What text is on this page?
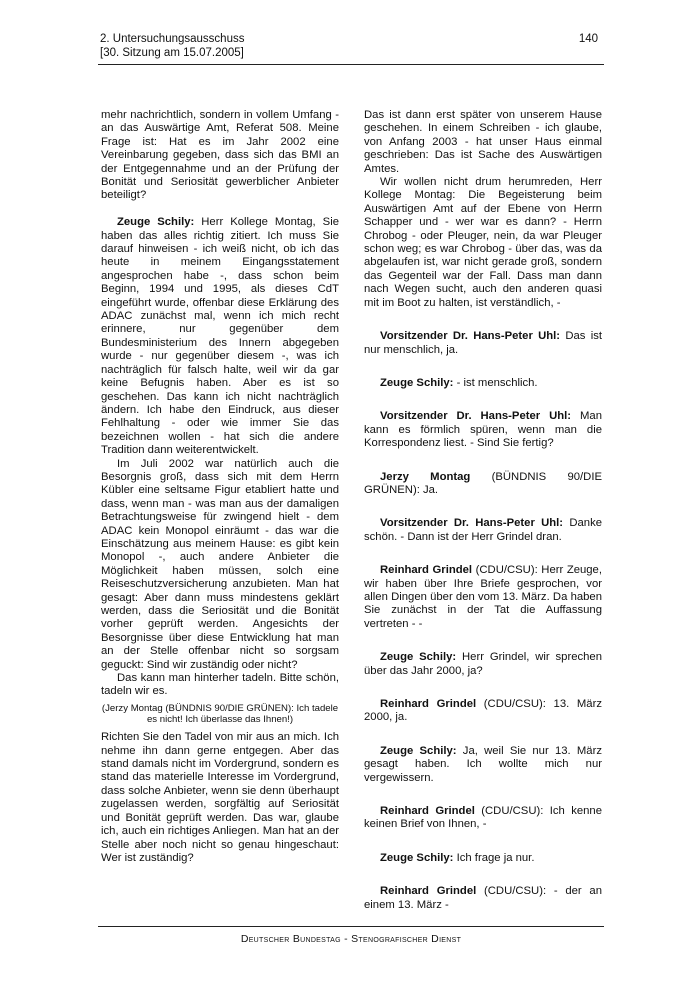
2. Untersuchungsausschuss
[30. Sitzung am 15.07.2005]
140

mehr nachrichtlich, sondern in vollem Umfang - an das Auswärtige Amt, Referat 508. Meine Frage ist: Hat es im Jahr 2002 eine Vereinbarung gegeben, dass sich das BMI an der Entgegennahme und an der Prüfung der Bonität und Seriosität gewerblicher Anbieter beteiligt?

Zeuge Schily: Herr Kollege Montag, Sie haben das alles richtig zitiert. Ich muss Sie darauf hinweisen - ich weiß nicht, ob ich das heute in meinem Eingangsstatement angesprochen habe -, dass schon beim Beginn, 1994 und 1995, als dieses CdT eingeführt wurde, offenbar diese Erklärung des ADAC zunächst mal, wenn ich mich recht erinnere, nur gegenüber dem Bundesministerium des Innern abgegeben wurde - nur gegenüber diesem -, was ich nachträglich für falsch halte, weil wir da gar keine Befugnis haben. Aber es ist so geschehen. Das kann ich nicht nachträglich ändern. Ich habe den Eindruck, aus dieser Fehlhaltung - oder wie immer Sie das bezeichnen wollen - hat sich die andere Tradition dann weiterentwickelt.

Im Juli 2002 war natürlich auch die Besorgnis groß, dass sich mit dem Herrn Kübler eine seltsame Figur etabliert hatte und dass, wenn man - was man aus der damaligen Betrachtungsweise für zwingend hielt - dem ADAC kein Monopol einräumt - das war die Einschätzung aus meinem Hause: es gibt kein Monopol -, auch andere Anbieter die Möglichkeit haben müssen, solch eine Reiseschutzversicherung anzubieten. Man hat gesagt: Aber dann muss mindestens geklärt werden, dass die Seriosität und die Bonität vorher geprüft werden. Angesichts der Besorgnisse über diese Entwicklung hat man an der Stelle offenbar nicht so sorgsam geguckt: Sind wir zuständig oder nicht?

Das kann man hinterher tadeln. Bitte schön, tadeln wir es.

(Jerzy Montag (BÜNDNIS 90/DIE GRÜNEN): Ich tadele es nicht! Ich überlasse das Ihnen!)

Richten Sie den Tadel von mir aus an mich. Ich nehme ihn dann gerne entgegen. Aber das stand damals nicht im Vordergrund, sondern es stand das materielle Interesse im Vordergrund, dass solche Anbieter, wenn sie denn überhaupt zugelassen werden, sorgfältig auf Seriosität und Bonität geprüft werden. Das war, glaube ich, auch ein richtiges Anliegen. Man hat an der Stelle aber noch nicht so genau hingeschaut: Wer ist zuständig?

Das ist dann erst später von unserem Hause geschehen. In einem Schreiben - ich glaube, von Anfang 2003 - hat unser Haus einmal geschrieben: Das ist Sache des Auswärtigen Amtes.

Wir wollen nicht drum herumreden, Herr Kollege Montag: Die Begeisterung beim Auswärtigen Amt auf der Ebene von Herrn Schapper und - wer war es dann? - Herrn Chrobog - oder Pleuger, nein, da war Pleuger schon weg; es war Chrobog - über das, was da abgelaufen ist, war nicht gerade groß, sondern das Gegenteil war der Fall. Dass man dann nach Wegen sucht, auch den anderen quasi mit im Boot zu halten, ist verständlich, -

Vorsitzender Dr. Hans-Peter Uhl: Das ist nur menschlich, ja.

Zeuge Schily: - ist menschlich.

Vorsitzender Dr. Hans-Peter Uhl: Man kann es förmlich spüren, wenn man die Korrespondenz liest. - Sind Sie fertig?

Jerzy Montag (BÜNDNIS 90/DIE GRÜNEN): Ja.

Vorsitzender Dr. Hans-Peter Uhl: Danke schön. - Dann ist der Herr Grindel dran.

Reinhard Grindel (CDU/CSU): Herr Zeuge, wir haben über Ihre Briefe gesprochen, vor allen Dingen über den vom 13. März. Da haben Sie zunächst in der Tat die Auffassung vertreten - -

Zeuge Schily: Herr Grindel, wir sprechen über das Jahr 2000, ja?

Reinhard Grindel (CDU/CSU): 13. März 2000, ja.

Zeuge Schily: Ja, weil Sie nur 13. März gesagt haben. Ich wollte mich nur vergewissern.

Reinhard Grindel (CDU/CSU): Ich kenne keinen Brief von Ihnen, -

Zeuge Schily: Ich frage ja nur.

Reinhard Grindel (CDU/CSU): - der an einem 13. März -

Deutscher Bundestag - Stenografischer Dienst
